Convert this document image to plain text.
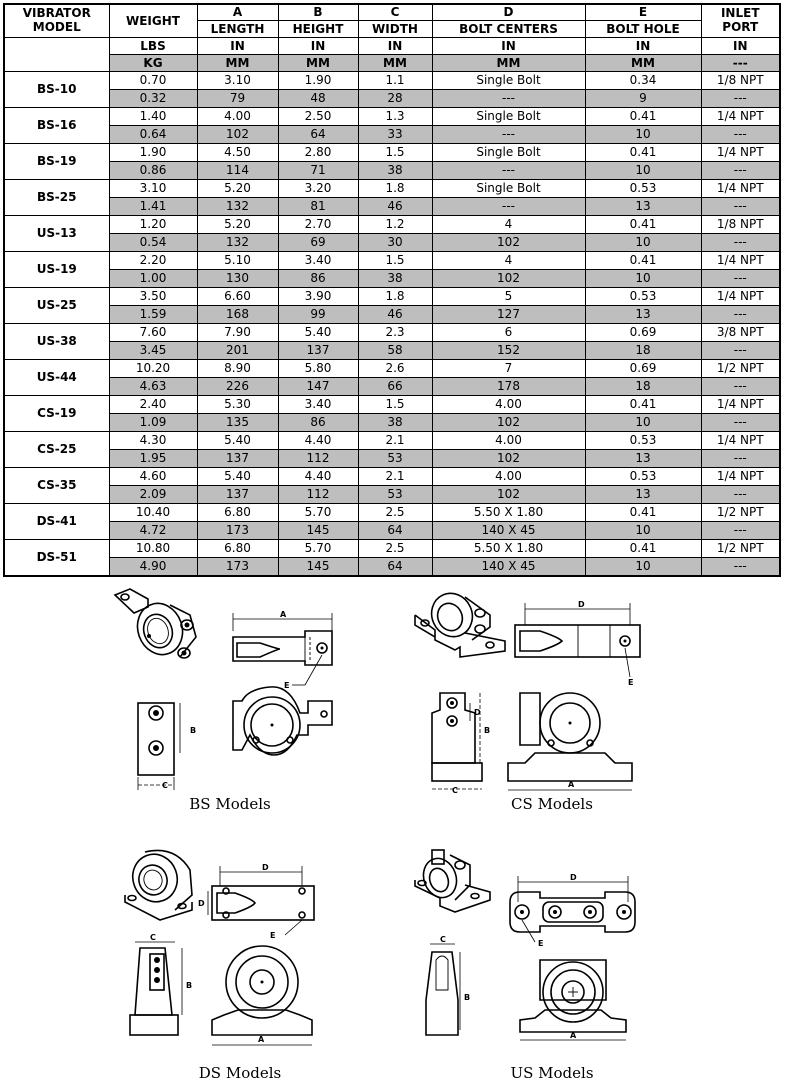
VIBRATOR MODEL	WEIGHT	A	B	C	D	E	INLET PORT
		LENGTH	HEIGHT	WIDTH	BOLT CENTERS	BOLT HOLE	
	LBS	IN	IN	IN	IN	IN	IN
	KG	MM	MM	MM	MM	MM	---
BS-10	0.70	3.10	1.90	1.1	Single Bolt	0.34	1/8 NPT
	0.32	79	48	28	---	9	---
BS-16	1.40	4.00	2.50	1.3	Single Bolt	0.41	1/4 NPT
	0.64	102	64	33	---	10	---
BS-19	1.90	4.50	2.80	1.5	Single Bolt	0.41	1/4 NPT
	0.86	114	71	38	---	10	---
BS-25	3.10	5.20	3.20	1.8	Single Bolt	0.53	1/4 NPT
	1.41	132	81	46	---	13	---
US-13	1.20	5.20	2.70	1.2	4	0.41	1/8 NPT
	0.54	132	69	30	102	10	---
US-19	2.20	5.10	3.40	1.5	4	0.41	1/4 NPT
	1.00	130	86	38	102	10	---
US-25	3.50	6.60	3.90	1.8	5	0.53	1/4 NPT
	1.59	168	99	46	127	13	---
US-38	7.60	7.90	5.40	2.3	6	0.69	3/8 NPT
	3.45	201	137	58	152	18	---
US-44	10.20	8.90	5.80	2.6	7	0.69	1/2 NPT
	4.63	226	147	66	178	18	---
CS-19	2.40	5.30	3.40	1.5	4.00	0.41	1/4 NPT
	1.09	135	86	38	102	10	---
CS-25	4.30	5.40	4.40	2.1	4.00	0.53	1/4 NPT
	1.95	137	112	53	102	13	---
CS-35	4.60	5.40	4.40	2.1	4.00	0.53	1/4 NPT
	2.09	137	112	53	102	13	---
DS-41	10.40	6.80	5.70	2.5	5.50 X 1.80	0.41	1/2 NPT
	4.72	173	145	64	140 X 45	10	---
DS-51	10.80	6.80	5.70	2.5	5.50 X 1.80	0.41	1/2 NPT
	4.90	173	145	64	140 X 45	10	---
A
E
B
C
BS Models
D
E
D
B
C
A
CS Models
D
D
E
C
B
A
DS Models
D
E
C
B
A
US Models
